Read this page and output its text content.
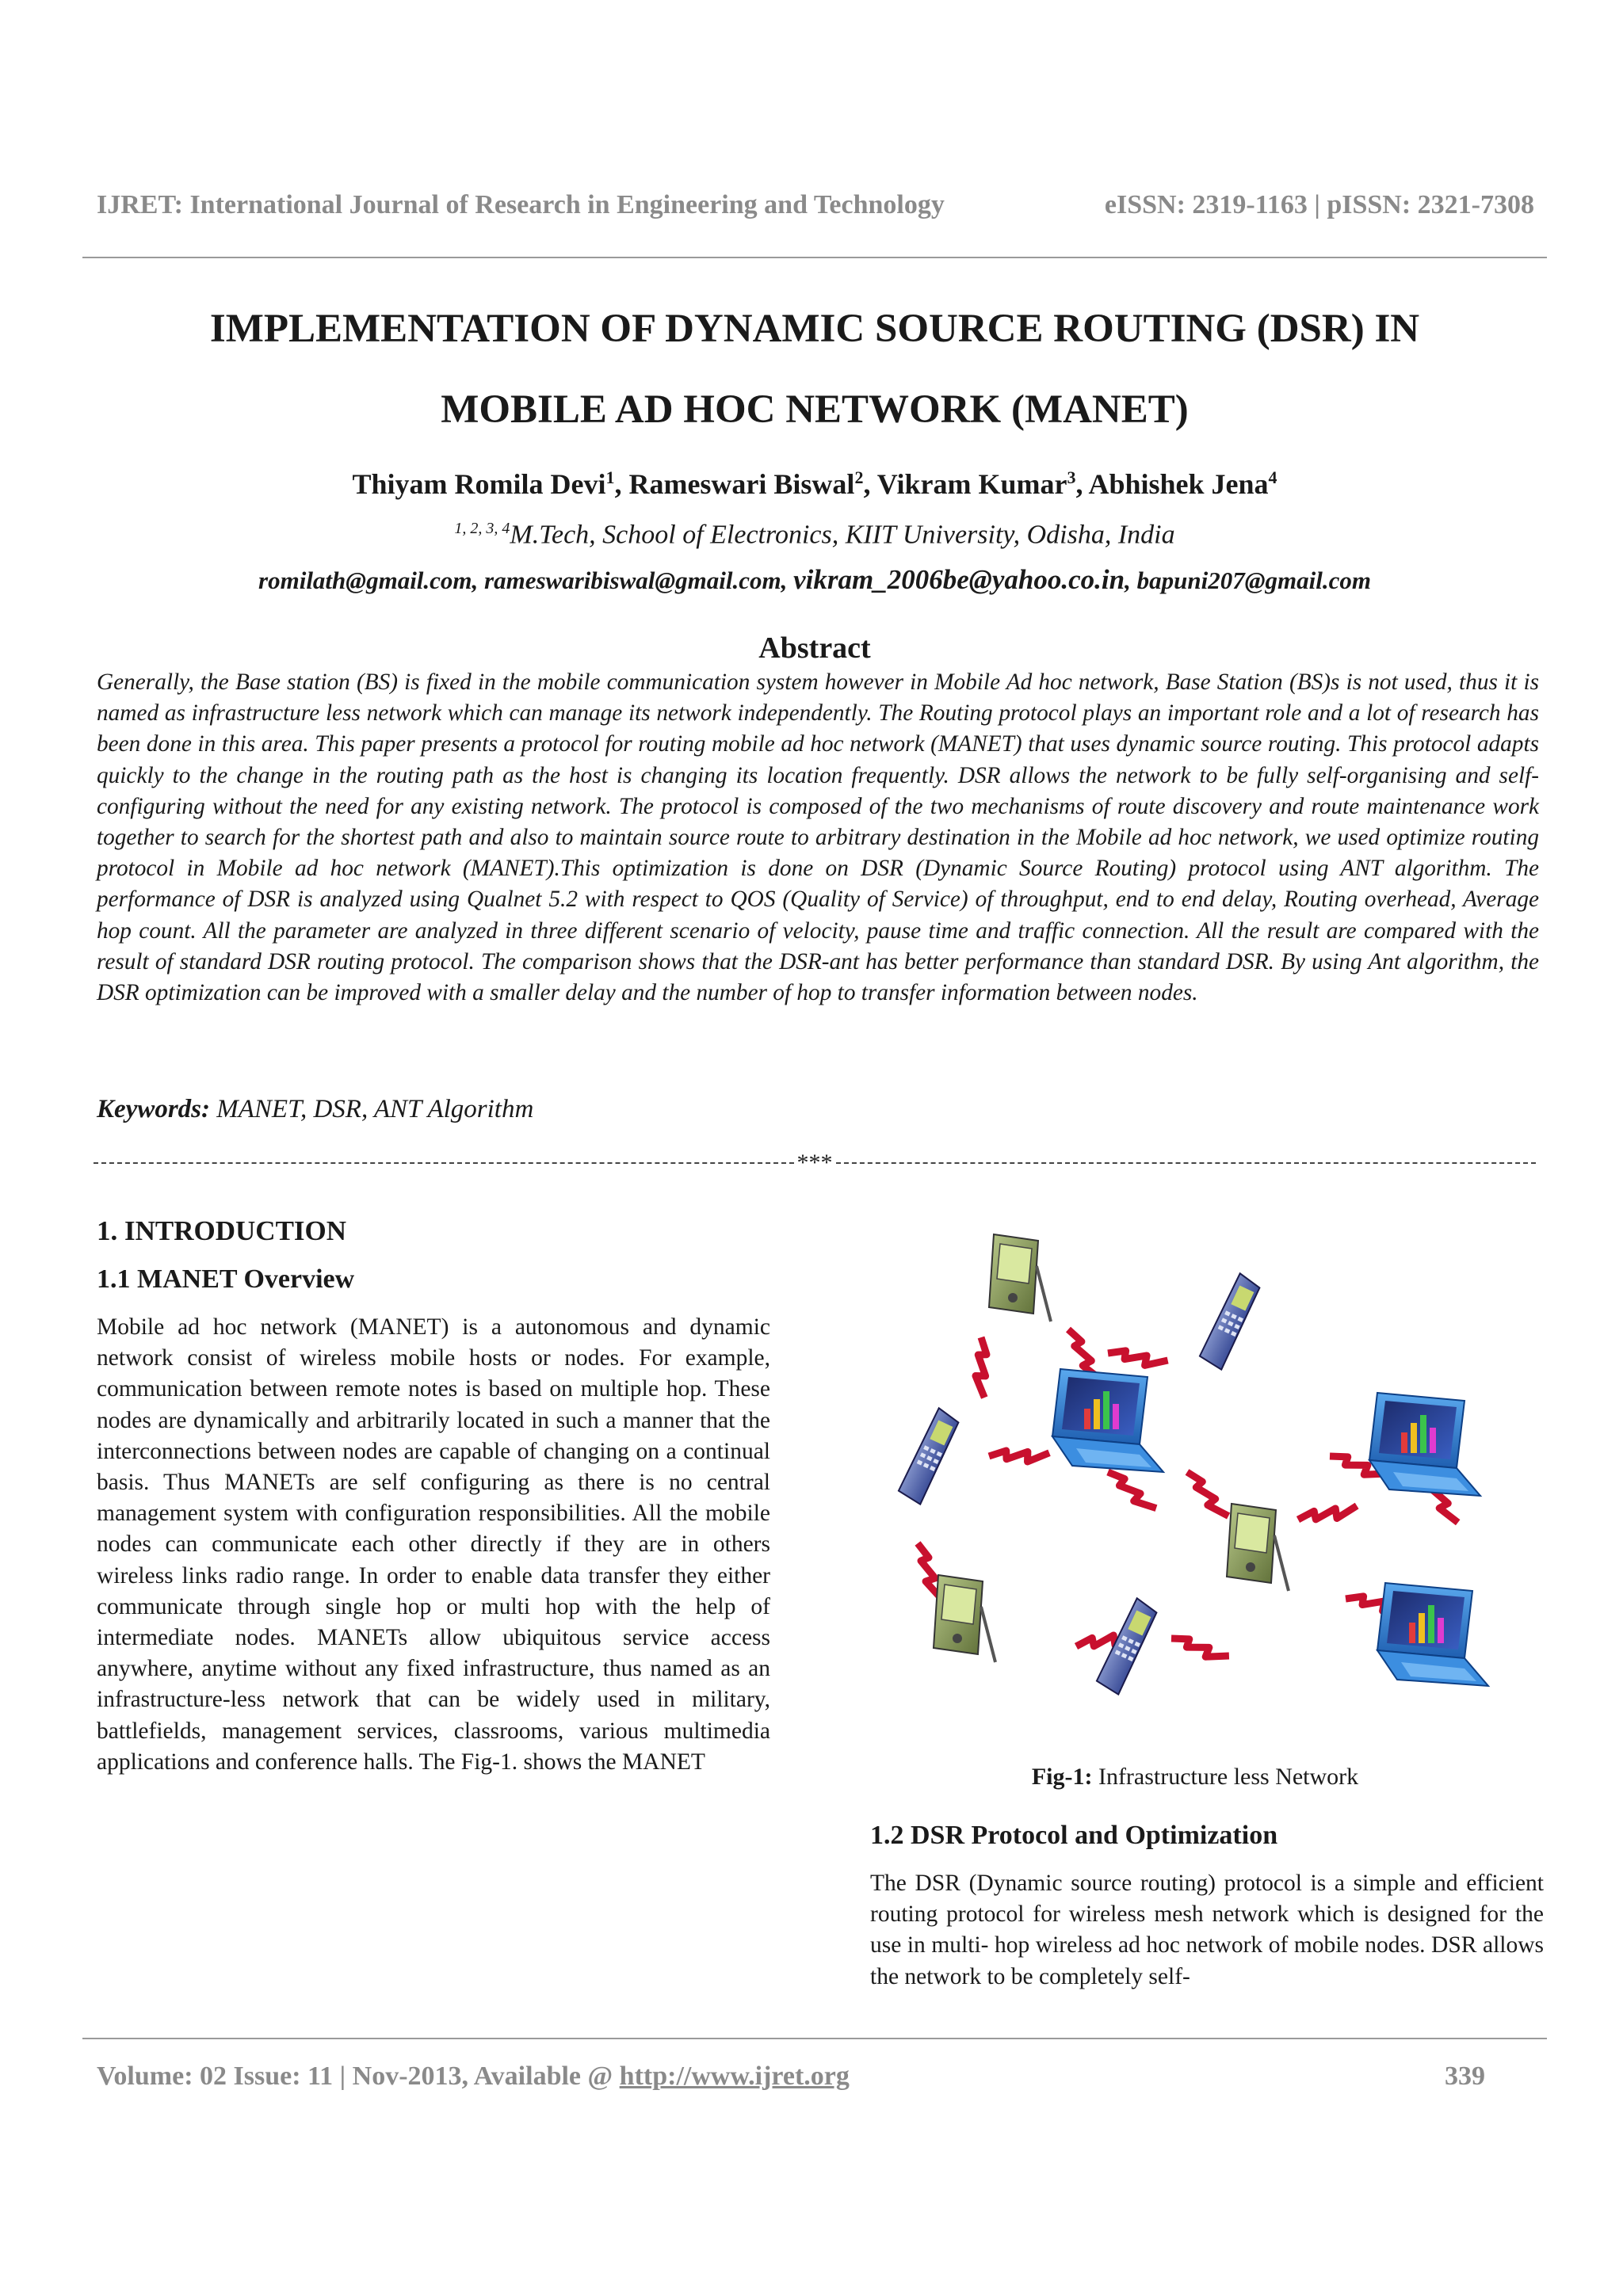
IJRET: International Journal of Research in Engineering and Technology	eISSN: 2319-1163 | pISSN: 2321-7308
IMPLEMENTATION OF DYNAMIC SOURCE ROUTING (DSR) IN
MOBILE AD HOC NETWORK (MANET)
Thiyam Romila Devi$^1$, Rameswari Biswal$^2$, Vikram Kumar$^3$, Abhishek Jena$^4$
$^{1, 2, 3, 4}$M.Tech, School of Electronics, KIIT University, Odisha, India
romilath@gmail.com, rameswaribiswal@gmail.com, vikram_2006be@yahoo.co.in, bapuni207@gmail.com
Abstract
Generally, the Base station (BS) is fixed in the mobile communication system however in Mobile Ad hoc network, Base Station (BS)s is not used, thus it is named as infrastructure less network which can manage its network independently. The Routing protocol plays an important role and a lot of research has been done in this area. This paper presents a protocol for routing mobile ad hoc network (MANET) that uses dynamic source routing. This protocol adapts quickly to the change in the routing path as the host is changing its location frequently. DSR allows the network to be fully self-organising and self-configuring without the need for any existing network. The protocol is composed of the two mechanisms of route discovery and route maintenance work together to search for the shortest path and also to maintain source route to arbitrary destination in the Mobile ad hoc network, we used optimize routing protocol in Mobile ad hoc network (MANET).This optimization is done on DSR (Dynamic Source Routing) protocol using ANT algorithm. The performance of DSR is analyzed using Qualnet 5.2 with respect to QOS (Quality of Service) of throughput, end to end delay, Routing overhead, Average hop count. All the parameter are analyzed in three different scenario of velocity, pause time and traffic connection. All the result are compared with the result of standard DSR routing protocol. The comparison shows that the DSR-ant has better performance than standard DSR. By using Ant algorithm, the DSR optimization can be improved with a smaller delay and the number of hop to transfer information between nodes.
Keywords: MANET, DSR, ANT Algorithm
***
1. INTRODUCTION
1.1 MANET Overview
Mobile ad hoc network (MANET) is a autonomous and dynamic network consist of wireless mobile hosts or nodes. For example, communication between remote notes is based on multiple hop. These nodes are dynamically and arbitrarily located in such a manner that the interconnections between nodes are capable of changing on a continual basis. Thus MANETs are self configuring as there is no central management system with configuration responsibilities. All the mobile nodes can communicate each other directly if they are in others wireless links radio range. In order to enable data transfer they either communicate through single hop or multi hop with the help of intermediate nodes. MANETs allow ubiquitous service access anywhere, anytime without any fixed infrastructure, thus named as an infrastructure-less network that can be widely used in military, battlefields, management services, classrooms, various multimedia applications and conference halls. The Fig-1. shows the MANET
Fig-1: Infrastructure less Network
1.2 DSR Protocol and Optimization
The DSR (Dynamic source routing) protocol is a simple and efficient routing protocol for wireless mesh network which is designed for the use in multi- hop wireless ad hoc network of mobile nodes. DSR allows the network to be completely self-
Volume: 02 Issue: 11 | Nov-2013, Available @ http://www.ijret.org	339
